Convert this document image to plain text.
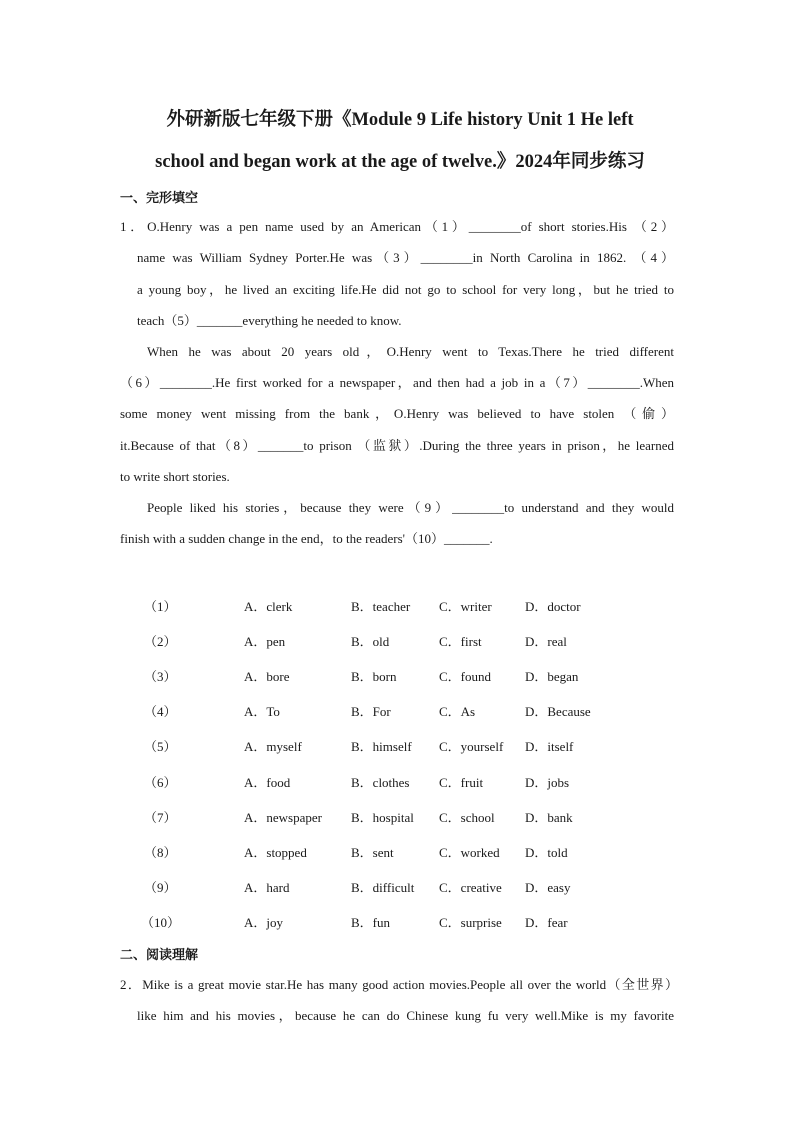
外研新版七年级下册《Module 9 Life history Unit 1 He left
school and began work at the age of twelve.》2024年同步练习
一、完形填空
1．O.Henry was a pen name used by an American（1）________of short stories.His （2）
name was William Sydney Porter.He was（3）________in North Carolina in 1862. （4）
a young boy，he lived an exciting life.He did not go to school for very long，but he tried to
teach（5）_______everything he needed to know.
When he was about 20 years old，O.Henry went to Texas.There he tried different
（6）________.He first worked for a newspaper，and then had a job in a（7）________.When
some money went missing from the bank，O.Henry was believed to have stolen （偷）
it.Because of that（8）_______to prison （监狱）.During the three years in prison，he learned
to write short stories.
People liked his stories，because they were（9）________to understand and they would
finish with a sudden change in the end，to the readers'（10）_______.
（1）	A．clerk	B．teacher C．writer	D．doctor
（2）	A．pen	B．old	C．first	D．real
（3）	A．bore	B．born	C．found	D．began
（4）	A．To	B．For	C．As	D．Because
（5）	A．myself	B．himself C．yourself D．itself
（6）	A．food	B．clothes C．fruit	D．jobs
（7）	A．newspaper B．hospital C．school D．bank
（8）	A．stopped	B．sent	C．worked D．told
（9）	A．hard	B．difficult C．creative D．easy
（10）	A．joy	B．fun	C．surprise D．fear
二、阅读理解
2．Mike is a great movie star.He has many good action movies.People all over the world（全世界）
like him and his movies，because he can do Chinese kung fu very well.Mike is my favorite
